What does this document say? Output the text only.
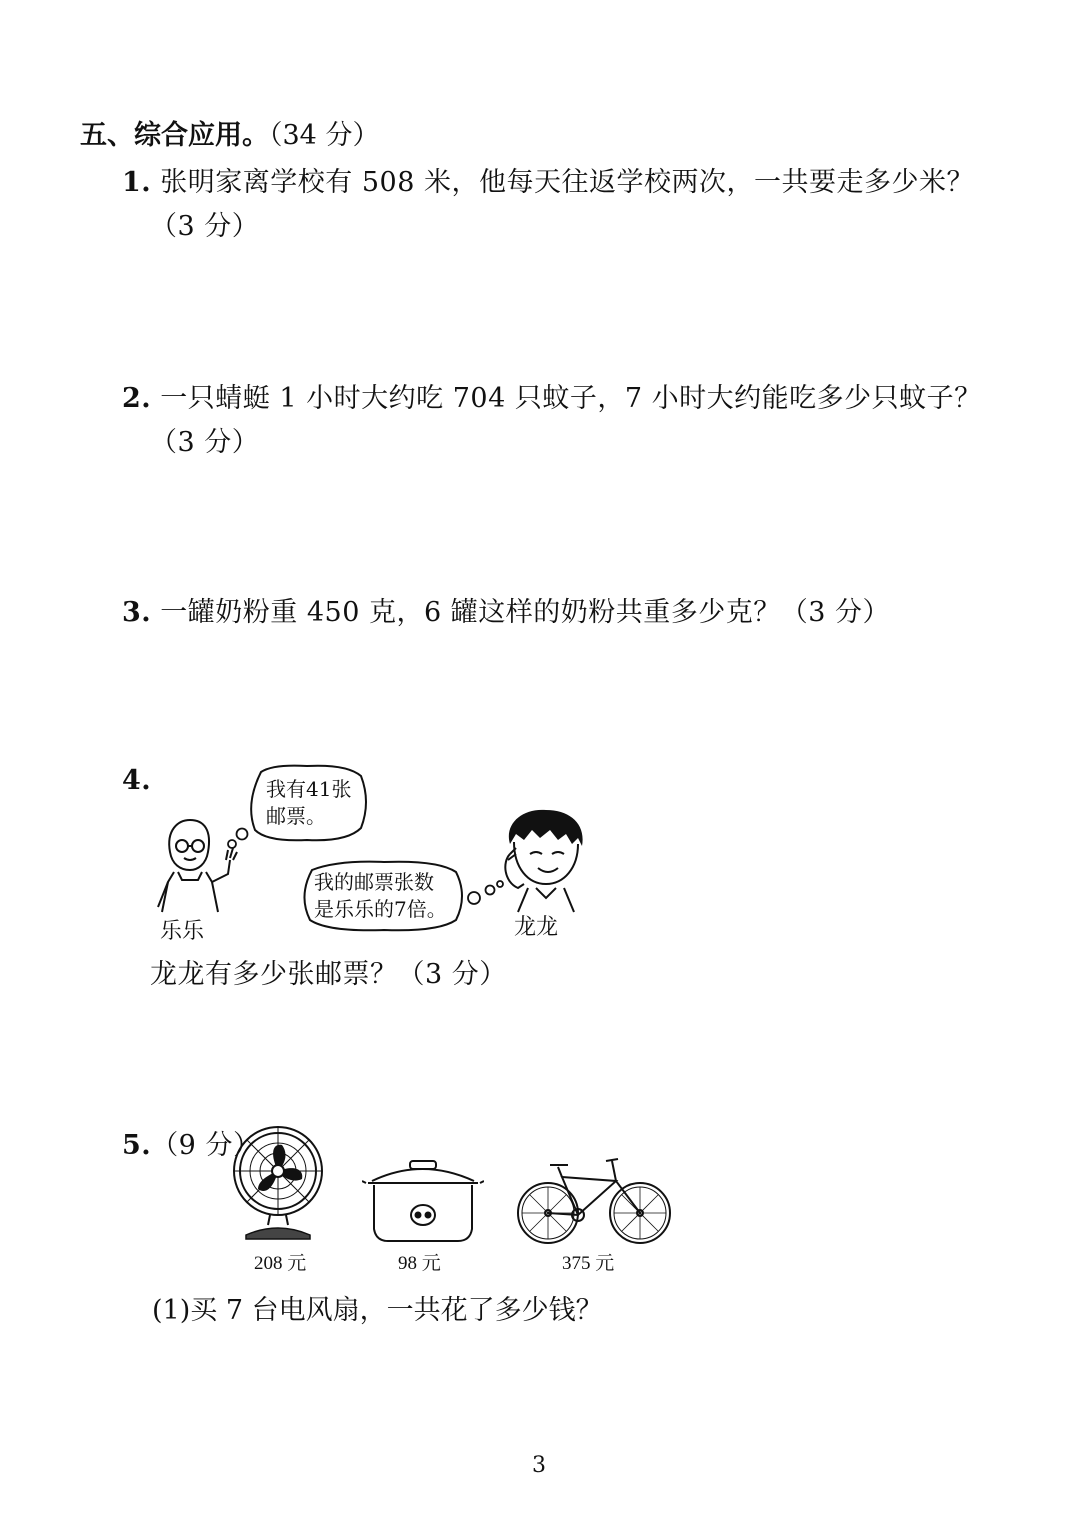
五、综合应用。（34 分）
1. 张明家离学校有 508 米，他每天往返学校两次，一共要走多少米？
（3 分）
2. 一只蜻蜓 1 小时大约吃 704 只蚊子，7 小时大约能吃多少只蚊子？
（3 分）
3. 一罐奶粉重 450 克，6 罐这样的奶粉共重多少克？（3 分）
4.	我有41张
邮票。
我的邮票张数
是乐乐的7倍。
乐乐	龙龙
龙龙有多少张邮票？（3 分）
5.（9 分）
208 元	98 元	375 元
(1)买 7 台电风扇，一共花了多少钱？
3
